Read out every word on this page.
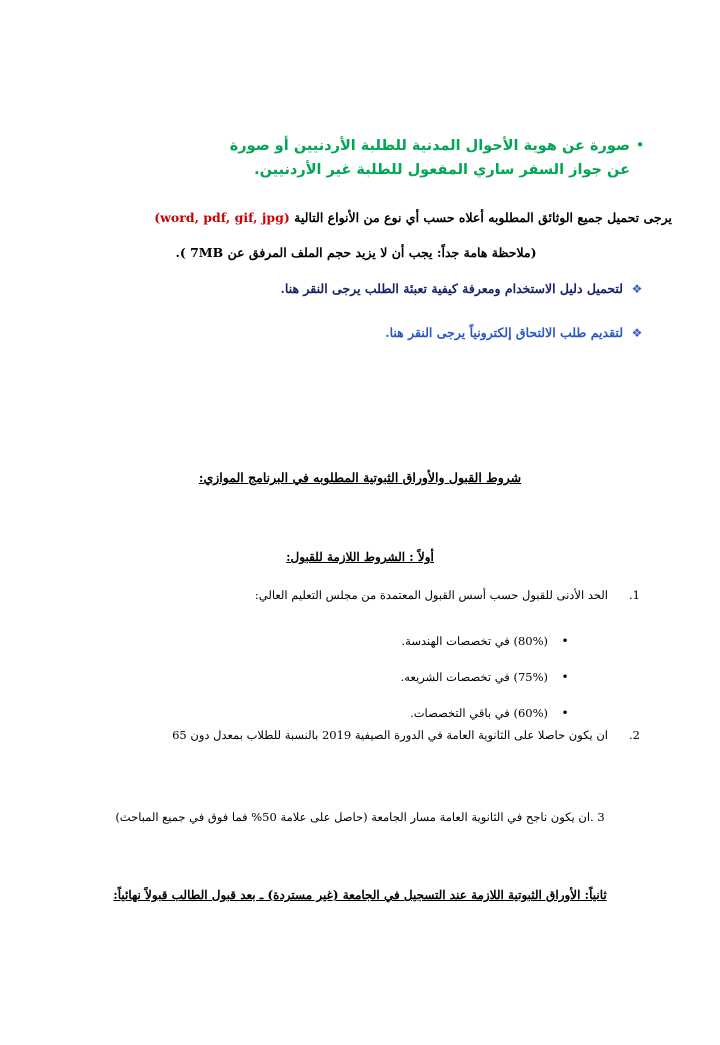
•
صورة عن هوية الأحوال المدنية للطلبة الأردنيين أو صورة
عن جواز السفر ساري المفعول للطلبة غير الأردنيين.
يرجى تحميل جميع الوثائق المطلوبه أعلاه حسب أي نوع من الأنواع التالية (word, pdf, gif, jpg)
(ملاحظة هامة جداً: يجب أن لا يزيد حجم الملف المرفق عن 7MB ).
❖
لتحميل دليل الاستخدام ومعرفة كيفية تعبئة الطلب يرجى النقر هنا.
❖
لتقديم طلب الالتحاق إلكترونياً يرجى النقر هنا.
شروط القبول والأوراق الثبوتية المطلوبه في البرنامج الموازي:
أولاً : الشروط اللازمة للقبول:
.1
الحد الأدنى للقبول حسب أسس القبول المعتمدة من مجلس التعليم العالي:
•
(80%) في تخصصات الهندسة.
•
(75%) في تخصصات الشريعه.
•
(60%) في باقي التخصصات.
.2
ان يكون حاصلا على الثانوية العامة في الدورة الصيفية 2019 بالنسبة للطلاب بمعدل دون 65
3 .ان يكون ناجح في الثانوية العامة مسار الجامعة (حاصل على علامة 50% فما فوق في جميع المباحث)
ثانياً: الأوراق الثبوتية اللازمة عند التسجيل في الجامعة (غير مستردة) ـ بعد قبول الطالب قبولاً نهائياً:
